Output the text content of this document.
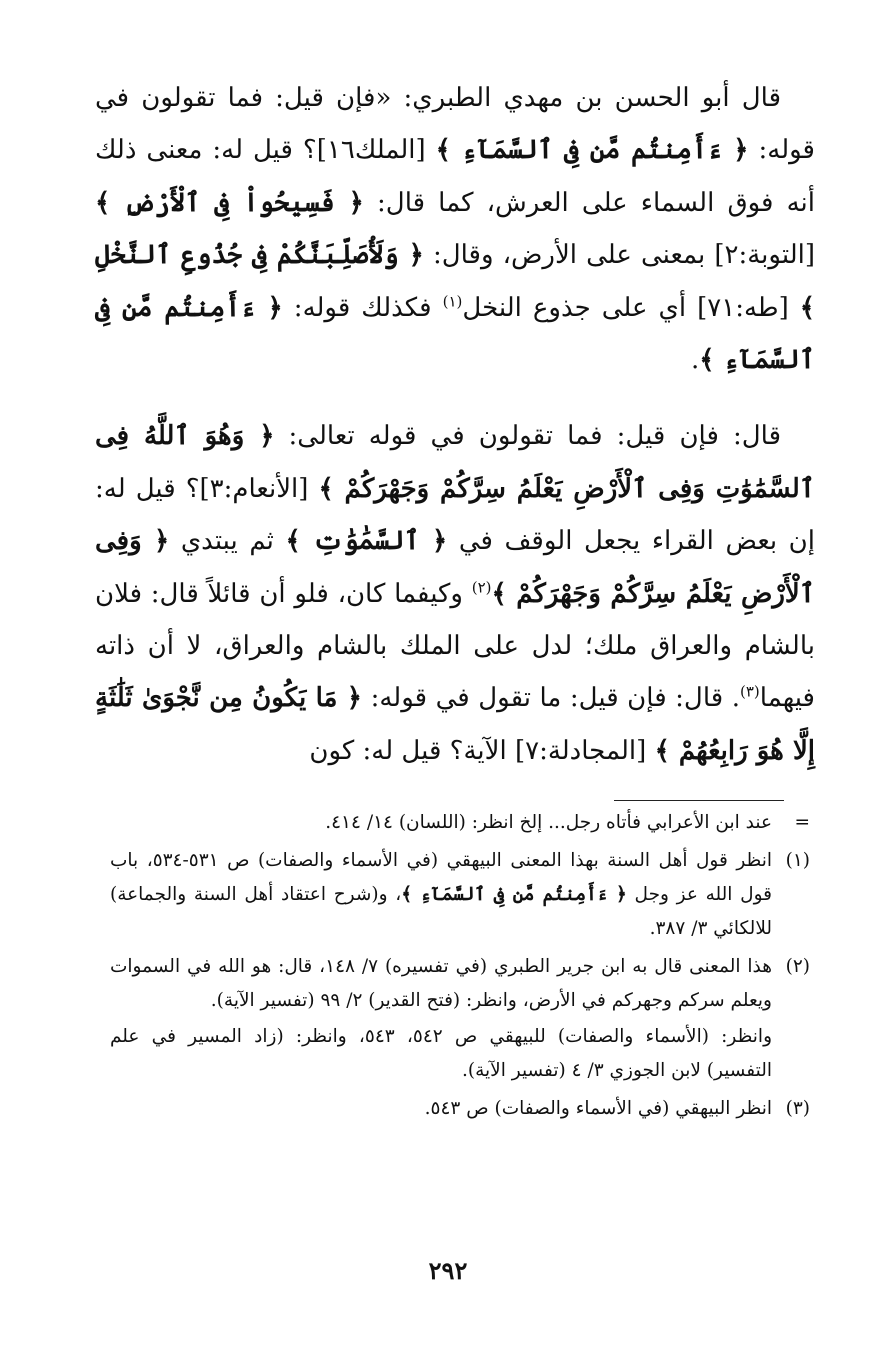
قال أبو الحسن بن مهدي الطبري: «فإن قيل: فما تقولون في قوله: ﴿ ءَأَمِنتُم مَّن فِى ٱلسَّمَآءِ ﴾ [الملك١٦]؟ قيل له: معنى ذلك أنه فوق السماء على العرش، كما قال: ﴿ فَسِيحُواْ فِى ٱلْأَرْضِ ﴾ [التوبة:٢] بمعنى على الأرض، وقال: ﴿ وَلَأُصَلِّبَنَّكُمْ فِى جُذُوعِ ٱلنَّخْلِ ﴾ [طه:٧١] أي على جذوع النخل$^{(١)}$ فكذلك قوله: ﴿ ءَأَمِنتُم مَّن فِى ٱلسَّمَآءِ ﴾.

قال: فإن قيل: فما تقولون في قوله تعالى: ﴿ وَهُوَ ٱللَّهُ فِى ٱلسَّمَٰوَٰتِ وَفِى ٱلْأَرْضِ يَعْلَمُ سِرَّكُمْ وَجَهْرَكُمْ ﴾ [الأنعام:٣]؟ قيل له: إن بعض القراء يجعل الوقف في ﴿ ٱلسَّمَٰوَٰتِ ﴾ ثم يبتدي ﴿ وَفِى ٱلْأَرْضِ يَعْلَمُ سِرَّكُمْ وَجَهْرَكُمْ ﴾$^{(٢)}$ وكيفما كان، فلو أن قائلاً قال: فلان بالشام والعراق ملك؛ لدل على الملك بالشام والعراق، لا أن ذاته فيهما$^{(٣)}$. قال: فإن قيل: ما تقول في قوله: ﴿ مَا يَكُونُ مِن نَّجْوَىٰ ثَلَٰثَةٍ إِلَّا هُوَ رَابِعُهُمْ ﴾ [المجادلة:٧] الآية؟ قيل له: كون

=
عند ابن الأعرابي فأتاه رجل... إلخ انظر: (اللسان) ١٤/ ٤١٤.
(١)
انظر قول أهل السنة بهذا المعنى البيهقي (في الأسماء والصفات) ص ٥٣١-٥٣٤، باب قول الله عز وجل ﴿ ءَأَمِنتُم مَّن فِى ٱلسَّمَآءِ ﴾، و(شرح اعتقاد أهل السنة والجماعة) للالكائي ٣/ ٣٨٧.
(٢)

هذا المعنى قال به ابن جرير الطبري (في تفسيره) ٧/ ١٤٨، قال: هو الله في السموات ويعلم سركم وجهركم في الأرض، وانظر: (فتح القدير) ٢/ ٩٩ (تفسير الآية).

وانظر: (الأسماء والصفات) للبيهقي ص ٥٤٢، ٥٤٣، وانظر: (زاد المسير في علم التفسير) لابن الجوزي ٣/ ٤ (تفسير الآية).

(٣)
انظر البيهقي (في الأسماء والصفات) ص ٥٤٣.
٢٩٢
